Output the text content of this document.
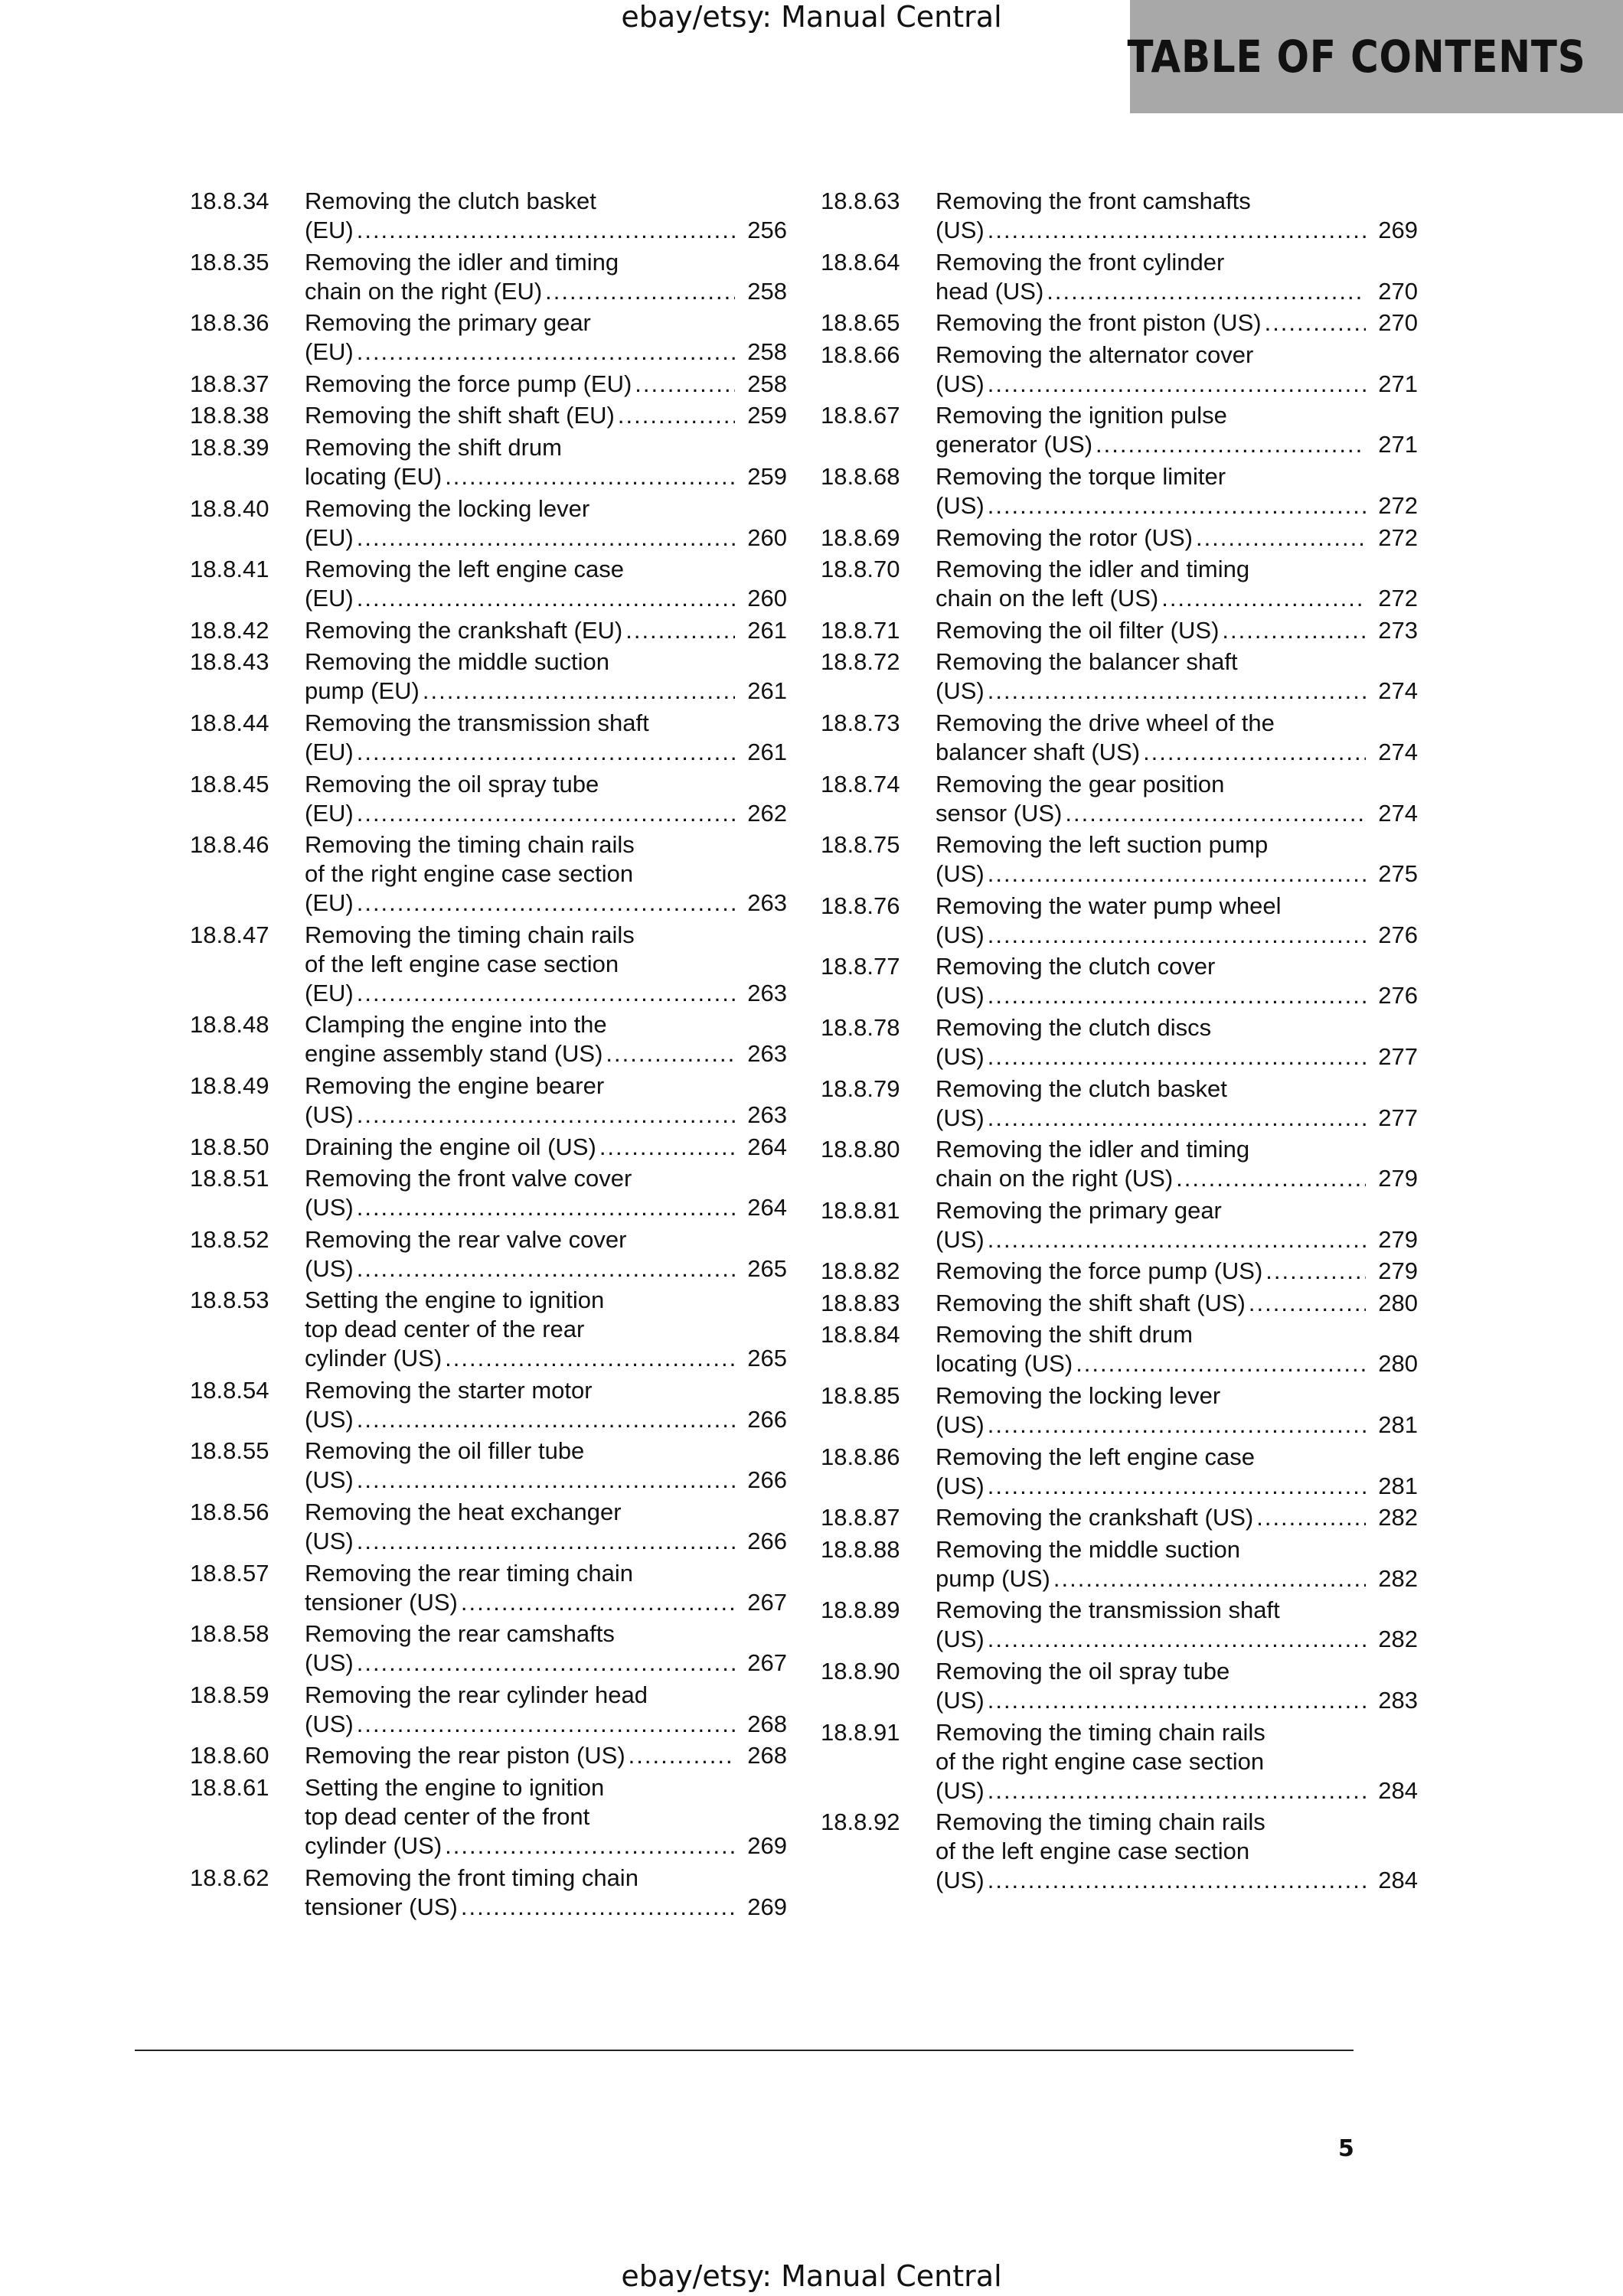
ebay/etsy: Manual Central
TABLE OF CONTENTS
18.8.34	Removing the clutch basket
(EU) .....	256
18.8.35	Removing the idler and timing
chain on the right (EU) .....	258
18.8.36	Removing the primary gear
(EU) .....	258
18.8.37	Removing the force pump (EU) .....	258
18.8.38	Removing the shift shaft (EU) .....	259
18.8.39	Removing the shift drum
locating (EU) .....	259
18.8.40	Removing the locking lever
(EU) .....	260
18.8.41	Removing the left engine case
(EU) .....	260
18.8.42	Removing the crankshaft (EU) .....	261
18.8.43	Removing the middle suction
pump (EU) .....	261
18.8.44	Removing the transmission shaft
(EU) .....	261
18.8.45	Removing the oil spray tube
(EU) .....	262
18.8.46	Removing the timing chain rails
of the right engine case section
(EU) .....	263
18.8.47	Removing the timing chain rails
of the left engine case section
(EU) .....	263
18.8.48	Clamping the engine into the
engine assembly stand (US) .....	263
18.8.49	Removing the engine bearer
(US) .....	263
18.8.50	Draining the engine oil (US) .....	264
18.8.51	Removing the front valve cover
(US) .....	264
18.8.52	Removing the rear valve cover
(US) .....	265
18.8.53	Setting the engine to ignition
top dead center of the rear
cylinder (US) .....	265
18.8.54	Removing the starter motor
(US) .....	266
18.8.55	Removing the oil filler tube
(US) .....	266
18.8.56	Removing the heat exchanger
(US) .....	266
18.8.57	Removing the rear timing chain
tensioner (US) .....	267
18.8.58	Removing the rear camshafts
(US) .....	267
18.8.59	Removing the rear cylinder head
(US) .....	268
18.8.60	Removing the rear piston (US) .....	268
18.8.61	Setting the engine to ignition
top dead center of the front
cylinder (US) .....	269
18.8.62	Removing the front timing chain
tensioner (US) .....	269
18.8.63	Removing the front camshafts
(US) .....	269
18.8.64	Removing the front cylinder
head (US) .....	270
18.8.65	Removing the front piston (US) .....	270
18.8.66	Removing the alternator cover
(US) .....	271
18.8.67	Removing the ignition pulse
generator (US) .....	271
18.8.68	Removing the torque limiter
(US) .....	272
18.8.69	Removing the rotor (US) .....	272
18.8.70	Removing the idler and timing
chain on the left (US) .....	272
18.8.71	Removing the oil filter (US) .....	273
18.8.72	Removing the balancer shaft
(US) .....	274
18.8.73	Removing the drive wheel of the
balancer shaft (US) .....	274
18.8.74	Removing the gear position
sensor (US) .....	274
18.8.75	Removing the left suction pump
(US) .....	275
18.8.76	Removing the water pump wheel
(US) .....	276
18.8.77	Removing the clutch cover
(US) .....	276
18.8.78	Removing the clutch discs
(US) .....	277
18.8.79	Removing the clutch basket
(US) .....	277
18.8.80	Removing the idler and timing
chain on the right (US) .....	279
18.8.81	Removing the primary gear
(US) .....	279
18.8.82	Removing the force pump (US) .....	279
18.8.83	Removing the shift shaft (US) .....	280
18.8.84	Removing the shift drum
locating (US) .....	280
18.8.85	Removing the locking lever
(US) .....	281
18.8.86	Removing the left engine case
(US) .....	281
18.8.87	Removing the crankshaft (US) .....	282
18.8.88	Removing the middle suction
pump (US) .....	282
18.8.89	Removing the transmission shaft
(US) .....	282
18.8.90	Removing the oil spray tube
(US) .....	283
18.8.91	Removing the timing chain rails
of the right engine case section
(US) .....	284
18.8.92	Removing the timing chain rails
of the left engine case section
(US) .....	284
5
ebay/etsy: Manual Central
